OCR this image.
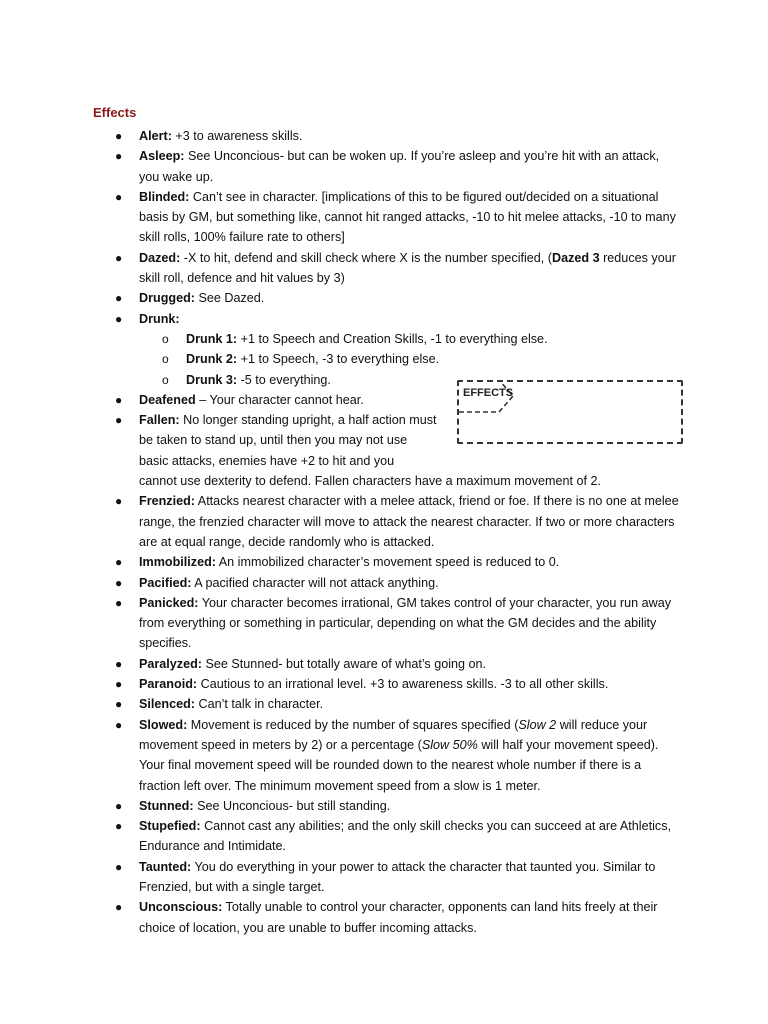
Effects
EFFECTS
● Alert: +3 to awareness skills.
● Asleep: See Unconcious- but can be woken up. If you’re asleep and you’re hit with an attack, you wake up.
● Blinded: Can’t see in character. [implications of this to be figured out/decided on a situational basis by GM, but something like, cannot hit ranged attacks, -10 to hit melee attacks, -10 to many skill rolls, 100% failure rate to others]
● Dazed: -X to hit, defend and skill check where X is the number specified, (Dazed 3 reduces your skill roll, defence and hit values by 3)
● Drugged: See Dazed.
● Drunk:
o Drunk 1: +1 to Speech and Creation Skills, -1 to everything else.
o Drunk 2: +1 to Speech, -3 to everything else.
o Drunk 3: -5 to everything.
● Deafened – Your character cannot hear.
● Fallen: No longer standing upright, a half action must be taken to stand up, until then you may not use basic attacks, enemies have +2 to hit and you
cannot use dexterity to defend. Fallen characters have a maximum movement of 2.
● Frenzied: Attacks nearest character with a melee attack, friend or foe. If there is no one at melee range, the frenzied character will move to attack the nearest character. If two or more characters are at equal range, decide randomly who is attacked.
● Immobilized: An immobilized character’s movement speed is reduced to 0.
● Pacified: A pacified character will not attack anything.
● Panicked: Your character becomes irrational, GM takes control of your character, you run away from everything or something in particular, depending on what the GM decides and the ability specifies.
● Paralyzed: See Stunned- but totally aware of what’s going on.
● Paranoid: Cautious to an irrational level. +3 to awareness skills. -3 to all other skills.
● Silenced: Can’t talk in character.
● Slowed: Movement is reduced by the number of squares specified (Slow 2 will reduce your movement speed in meters by 2) or a percentage (Slow 50% will half your movement speed). Your final movement speed will be rounded down to the nearest whole number if there is a fraction left over. The minimum movement speed from a slow is 1 meter.
● Stunned: See Unconcious- but still standing.
● Stupefied: Cannot cast any abilities; and the only skill checks you can succeed at are Athletics, Endurance and Intimidate.
● Taunted: You do everything in your power to attack the character that taunted you. Similar to Frenzied, but with a single target.
● Unconscious: Totally unable to control your character, opponents can land hits freely at their choice of location, you are unable to buffer incoming attacks.
